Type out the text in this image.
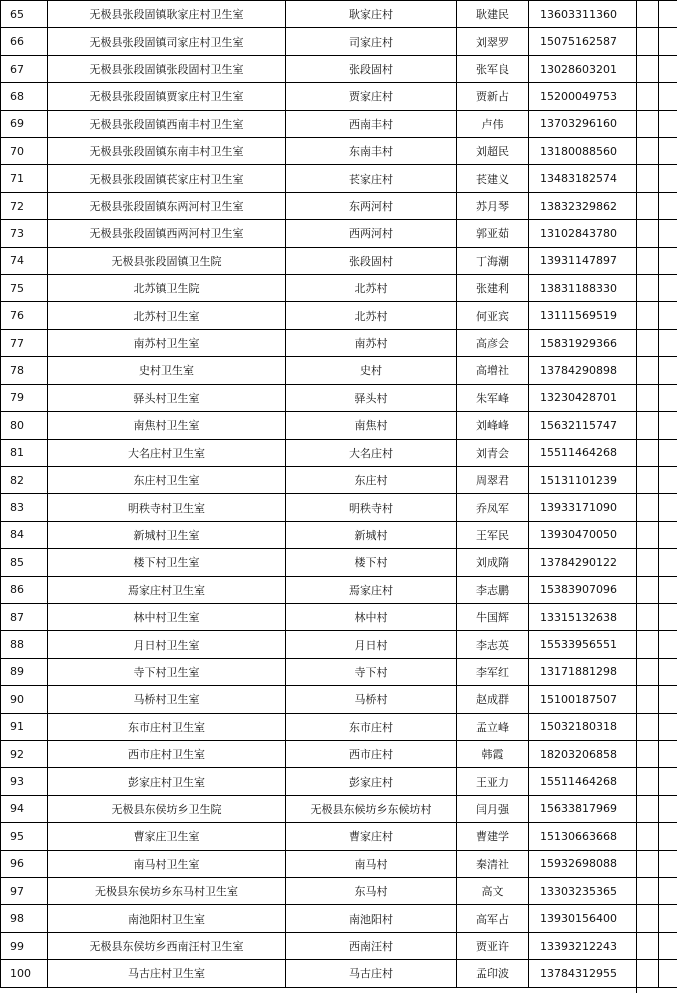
65	无极县张段固镇耿家庄村卫生室	耿家庄村	耿建民	13603311360	
66	无极县张段固镇司家庄村卫生室	司家庄村	刘翠罗	15075162587	
67	无极县张段固镇张段固村卫生室	张段固村	张军良	13028603201	
68	无极县张段固镇贾家庄村卫生室	贾家庄村	贾新占	15200049753	
69	无极县张段固镇西南丰村卫生室	西南丰村	卢伟	13703296160	
70	无极县张段固镇东南丰村卫生室	东南丰村	刘超民	13180088560	
71	无极县张段固镇苌家庄村卫生室	苌家庄村	苌建义	13483182574	
72	无极县张段固镇东两河村卫生室	东两河村	苏月琴	13832329862	
73	无极县张段固镇西两河村卫生室	西两河村	郭亚茹	13102843780	
74	无极县张段固镇卫生院	张段固村	丁海潮	13931147897	
75	北苏镇卫生院	北苏村	张建利	13831188330	
76	北苏村卫生室	北苏村	何亚宾	13111569519	
77	南苏村卫生室	南苏村	高彦会	15831929366	
78	史村卫生室	史村	高增社	13784290898	
79	驿头村卫生室	驿头村	朱军峰	13230428701	
80	南焦村卫生室	南焦村	刘峰峰	15632115747	
81	大名庄村卫生室	大名庄村	刘青会	15511464268	
82	东庄村卫生室	东庄村	周翠君	15131101239	
83	明秩寺村卫生室	明秩寺村	乔凤军	13933171090	
84	新城村卫生室	新城村	王军民	13930470050	
85	楼下村卫生室	楼下村	刘成隋	13784290122	
86	焉家庄村卫生室	焉家庄村	李志鹏	15383907096	
87	林中村卫生室	林中村	牛国辉	13315132638	
88	月日村卫生室	月日村	李志英	15533956551	
89	寺下村卫生室	寺下村	李军红	13171881298	
90	马桥村卫生室	马桥村	赵成群	15100187507	
91	东市庄村卫生室	东市庄村	孟立峰	15032180318	
92	西市庄村卫生室	西市庄村	韩霞	18203206858	
93	彭家庄村卫生室	彭家庄村	王亚力	15511464268	
94	无极县东侯坊乡卫生院	无极县东候坊乡东候坊村	闫月强	15633817969	
95	曹家庄卫生室	曹家庄村	曹建学	15130663668	
96	南马村卫生室	南马村	秦清社	15932698088	
97	无极县东侯坊乡东马村卫生室	东马村	高文	13303235365	
98	南池阳村卫生室	南池阳村	高军占	13930156400	
99	无极县东侯坊乡西南汪村卫生室	西南汪村	贾亚许	13393212243	
100	马古庄村卫生室	马古庄村	孟印波	13784312955	
